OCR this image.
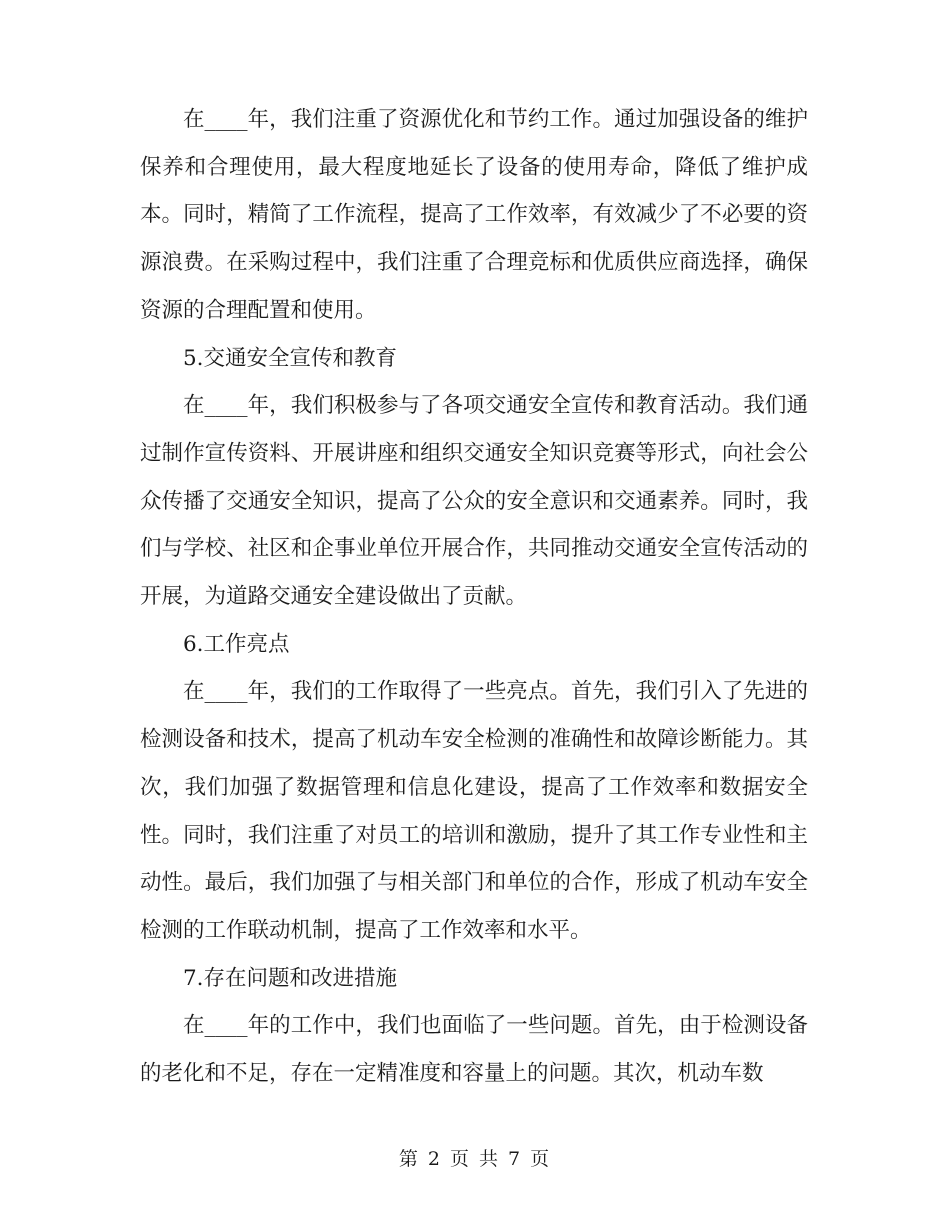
在____年，我们注重了资源优化和节约工作。通过加强设备的维护保养和合理使用，最大程度地延长了设备的使用寿命，降低了维护成本。同时，精简了工作流程，提高了工作效率，有效减少了不必要的资源浪费。在采购过程中，我们注重了合理竞标和优质供应商选择，确保资源的合理配置和使用。

5.交通安全宣传和教育

在____年，我们积极参与了各项交通安全宣传和教育活动。我们通过制作宣传资料、开展讲座和组织交通安全知识竞赛等形式，向社会公众传播了交通安全知识，提高了公众的安全意识和交通素养。同时，我们与学校、社区和企事业单位开展合作，共同推动交通安全宣传活动的开展，为道路交通安全建设做出了贡献。

6.工作亮点

在____年，我们的工作取得了一些亮点。首先，我们引入了先进的检测设备和技术，提高了机动车安全检测的准确性和故障诊断能力。其次，我们加强了数据管理和信息化建设，提高了工作效率和数据安全性。同时，我们注重了对员工的培训和激励，提升了其工作专业性和主动性。最后，我们加强了与相关部门和单位的合作，形成了机动车安全检测的工作联动机制，提高了工作效率和水平。

7.存在问题和改进措施

在____年的工作中，我们也面临了一些问题。首先，由于检测设备的老化和不足，存在一定精准度和容量上的问题。其次，机动车数

第 2 页 共 7 页
